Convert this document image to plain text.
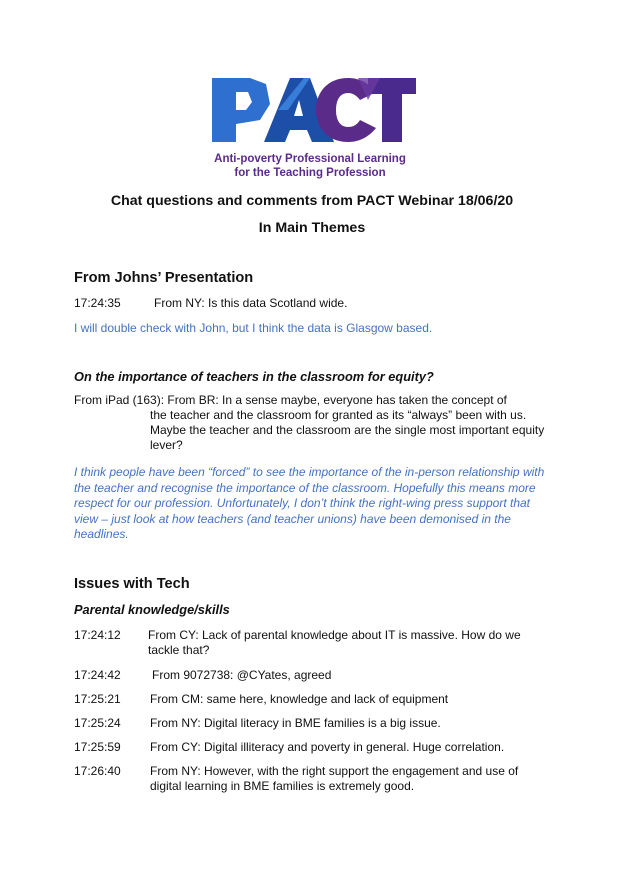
Anti-poverty Professional Learning
for the Teaching Profession
Chat questions and comments from PACT Webinar 18/06/20
In Main Themes
From Johns’ Presentation
17:24:35	From NY: Is this data Scotland wide.
I will double check with John, but I think the data is Glasgow based.
On the importance of teachers in the classroom for equity?
From iPad (163): From BR: In a sense maybe, everyone has taken the concept of
the teacher and the classroom for granted as its “always” been with us. Maybe the teacher and the classroom are the single most important equity lever?
I think people have been “forced” to see the importance of the in-person relationship with the teacher and recognise the importance of the classroom. Hopefully this means more respect for our profession. Unfortunately, I don’t think the right-wing press support that view – just look at how teachers (and teacher unions) have been demonised in the headlines.
Issues with Tech
Parental knowledge/skills
17:24:12 From CY: Lack of parental knowledge about IT is massive. How do we tackle that?
17:24:42	From 9072738: @CYates, agreed
17:25:21 From CM: same here, knowledge and lack of equipment
17:25:24 From NY: Digital literacy in BME families is a big issue.
17:25:59 From CY: Digital illiteracy and poverty in general. Huge correlation.
17:26:40 From NY: However, with the right support the engagement and use of digital learning in BME families is extremely good.
